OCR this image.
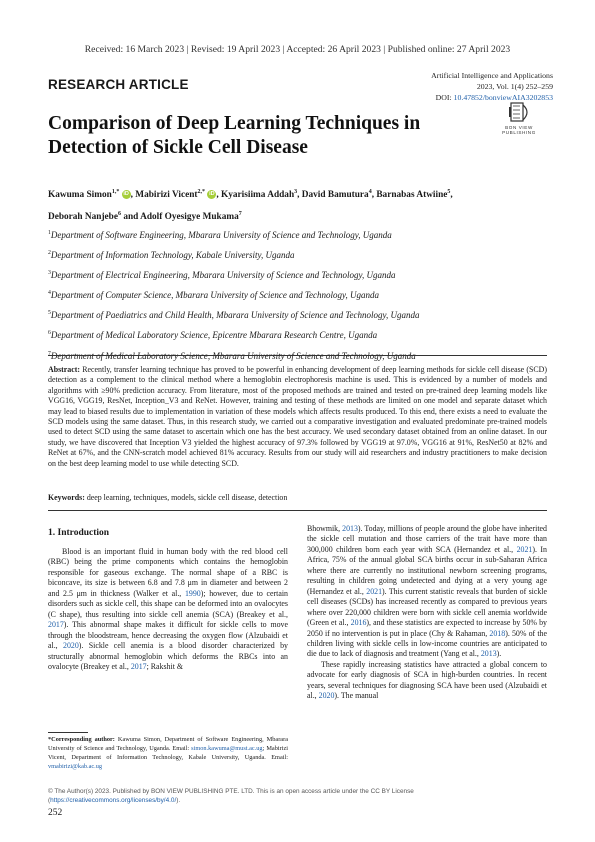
Received: 16 March 2023 | Revised: 19 April 2023 | Accepted: 26 April 2023 | Published online: 27 April 2023
RESEARCH ARTICLE
Artificial Intelligence and Applications
2023, Vol. 1(4) 252–259
DOI: 10.47852/bonviewAIA3202853
BON VIEW PUBLISHING
Comparison of Deep Learning Techniques in Detection of Sickle Cell Disease
Kawuma Simon$^{1,*}$ iD , Mabirizi Vicent$^{2,*}$ iD , Kyarisiima Addah$^3$, David Bamutura$^4$, Barnabas Atwiine$^5$,
Deborah Nanjebe$^6$ and Adolf Oyesigye Mukama$^7$
$^1$Department of Software Engineering, Mbarara University of Science and Technology, Uganda
$^2$Department of Information Technology, Kabale University, Uganda
$^3$Department of Electrical Engineering, Mbarara University of Science and Technology, Uganda
$^4$Department of Computer Science, Mbarara University of Science and Technology, Uganda
$^5$Department of Paediatrics and Child Health, Mbarara University of Science and Technology, Uganda
$^6$Department of Medical Laboratory Science, Epicentre Mbarara Research Centre, Uganda
$^7$Department of Medical Laboratory Science, Mbarara University of Science and Technology, Uganda
Abstract: Recently, transfer learning technique has proved to be powerful in enhancing development of deep learning methods for sickle cell disease (SCD) detection as a complement to the clinical method where a hemoglobin electrophoresis machine is used. This is evidenced by a number of models and algorithms with ≥90% prediction accuracy. From literature, most of the proposed methods are trained and tested on pre-trained deep learning models like VGG16, VGG19, ResNet, Inception_V3 and ReNet. However, training and testing of these methods are limited on one model and separate dataset which may lead to biased results due to implementation in variation of these models which affects results produced. To this end, there exists a need to evaluate the SCD models using the same dataset. Thus, in this research study, we carried out a comparative investigation and evaluated predominate pre-trained models used to detect SCD using the same dataset to ascertain which one has the best accuracy. We used secondary dataset obtained from an online dataset. In our study, we have discovered that Inception V3 yielded the highest accuracy of 97.3% followed by VGG19 at 97.0%, VGG16 at 91%, ResNet50 at 82% and ReNet at 67%, and the CNN-scratch model achieved 81% accuracy. Results from our study will aid researchers and industry practitioners to make decision on the best deep learning model to use while detecting SCD.
Keywords: deep learning, techniques, models, sickle cell disease, detection
1. Introduction
Blood is an important fluid in human body with the red blood cell (RBC) being the prime components which contains the hemoglobin responsible for gaseous exchange. The normal shape of a RBC is biconcave, its size is between 6.8 and 7.8 μm in diameter and between 2 and 2.5 μm in thickness (Walker et al., 1990); however, due to certain disorders such as sickle cell, this shape can be deformed into an ovalocytes (C shape), thus resulting into sickle cell anemia (SCA) (Breakey et al., 2017). This abnormal shape makes it difficult for sickle cells to move through the bloodstream, hence decreasing the oxygen flow (Alzubaidi et al., 2020). Sickle cell anemia is a blood disorder characterized by structurally abnormal hemoglobin which deforms the RBCs into an ovalocyte (Breakey et al., 2017; Rakshit &

Bhowmik, 2013). Today, millions of people around the globe have inherited the sickle cell mutation and those carriers of the trait have more than 300,000 children born each year with SCA (Hernandez et al., 2021). In Africa, 75% of the annual global SCA births occur in sub-Saharan Africa where there are currently no institutional newborn screening programs, resulting in children going undetected and dying at a very young age (Hernandez et al., 2021). This current statistic reveals that burden of sickle cell diseases (SCDs) has increased recently as compared to previous years where over 220,000 children were born with sickle cell anemia worldwide (Green et al., 2016), and these statistics are expected to increase by 50% by 2050 if no intervention is put in place (Chy & Rahaman, 2018). 50% of the children living with sickle cells in low-income countries are anticipated to die due to lack of diagnosis and treatment (Yang et al., 2013).

These rapidly increasing statistics have attracted a global concern to advocate for early diagnosis of SCA in high-burden countries. In recent years, several techniques for diagnosing SCA have been used (Alzubaidi et al., 2020). The manual

*Corresponding author: Kawuma Simon, Department of Software Engineering, Mbarara University of Science and Technology, Uganda. Email: simon.kawuma@must.ac.ug; Mabirizi Vicent, Department of Information Technology, Kabale University, Uganda. Email: vmabirizi@kab.ac.ug
© The Author(s) 2023. Published by BON VIEW PUBLISHING PTE. LTD. This is an open access article under the CC BY License (https://creativecommons.org/licenses/by/4.0/).
252
